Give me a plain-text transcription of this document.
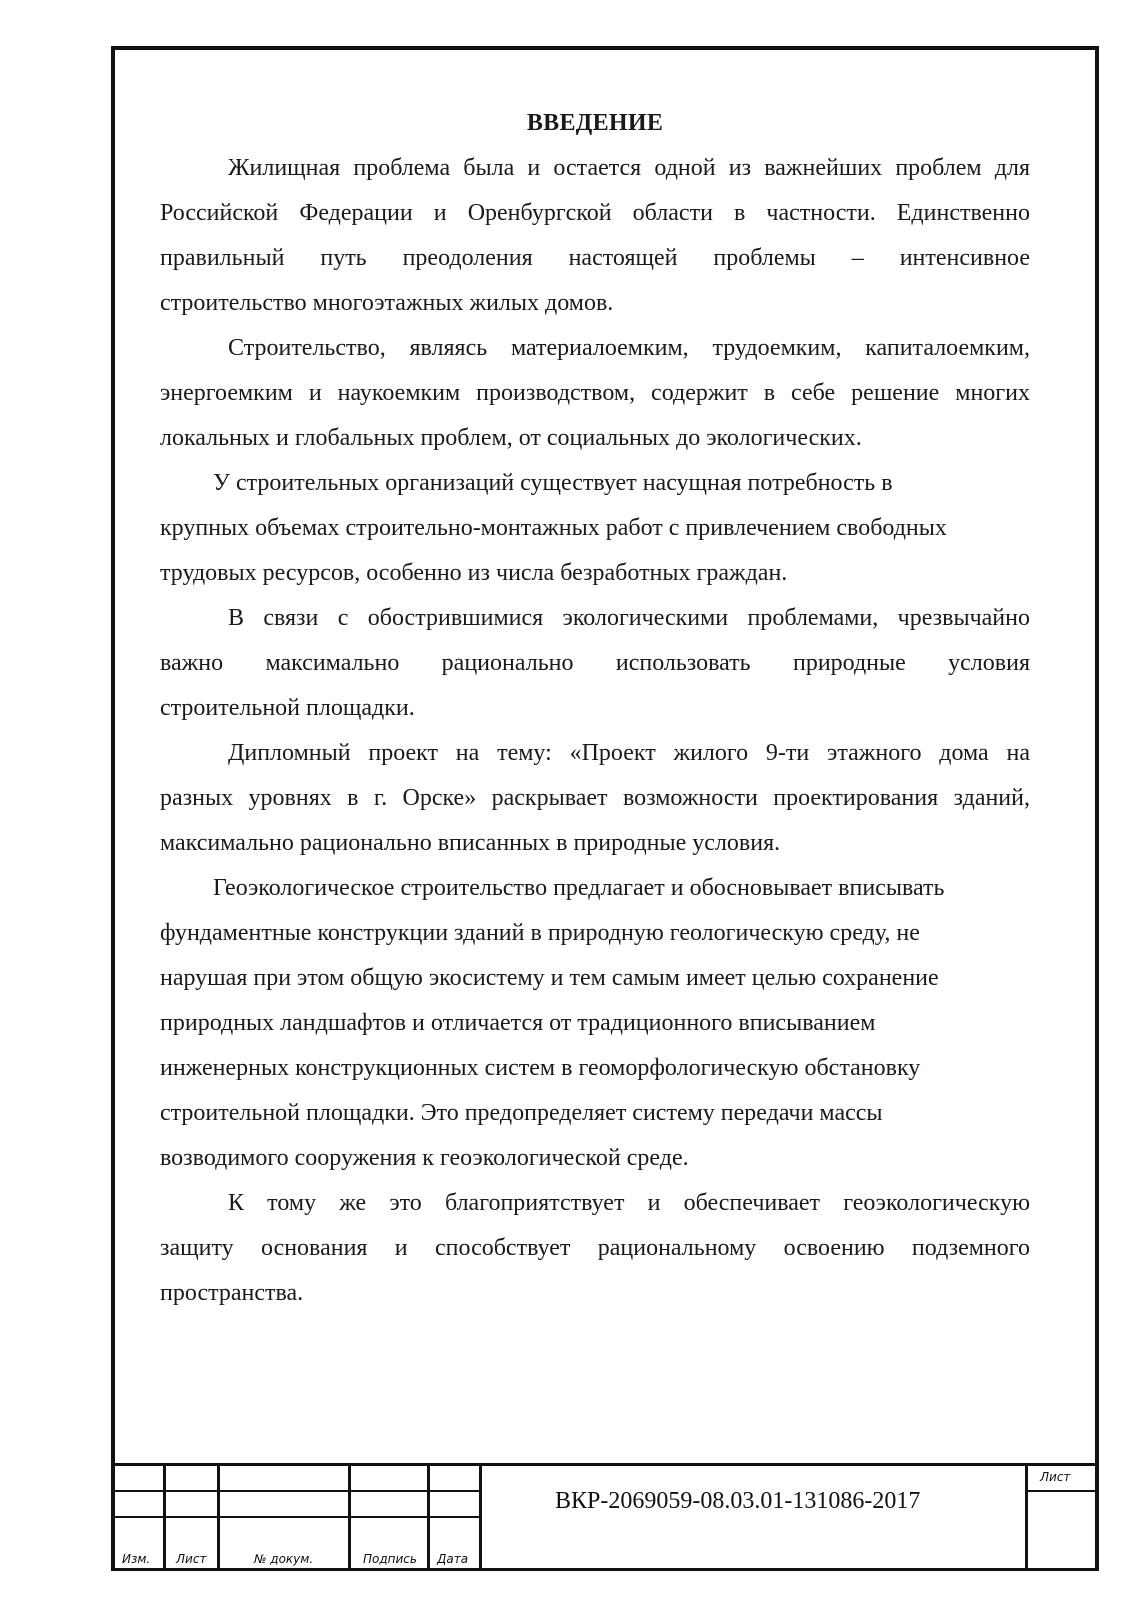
ВВЕДЕНИЕ

Жилищная проблема была и остается одной из важнейших проблем для
Российской Федерации и Оренбургской области в частности. Единственно
правильный путь преодоления настоящей проблемы – интенсивное
строительство многоэтажных жилых домов.

Строительство, являясь материалоемким, трудоемким, капиталоемким,
энергоемким и наукоемким производством, содержит в себе решение многих
локальных и глобальных проблем, от социальных до экологических.

У строительных организаций существует насущная потребность в
крупных объемах строительно-монтажных работ с привлечением свободных
трудовых ресурсов, особенно из числа безработных граждан.

В связи с обострившимися экологическими проблемами, чрезвычайно
важно максимально рационально использовать природные условия
строительной площадки.

Дипломный проект на тему: «Проект жилого 9-ти этажного дома на
разных уровнях в г. Орске» раскрывает возможности проектирования зданий,
максимально рационально вписанных в природные условия.

Геоэкологическое строительство предлагает и обосновывает вписывать
фундаментные конструкции зданий в природную геологическую среду, не
нарушая при этом общую экосистему и тем самым имеет целью сохранение
природных ландшафтов и отличается от традиционного вписыванием
инженерных конструкционных систем в геоморфологическую обстановку
строительной площадки. Это предопределяет систему передачи массы
возводимого сооружения к геоэкологической среде.

К тому же это благоприятствует и обеспечивает геоэкологическую
защиту основания и способствует рациональному освоению подземного
пространства.

Изм. Лист	№ докум.	Подпись Дата
ВКР-2069059-08.03.01-131086-2017
Лист
